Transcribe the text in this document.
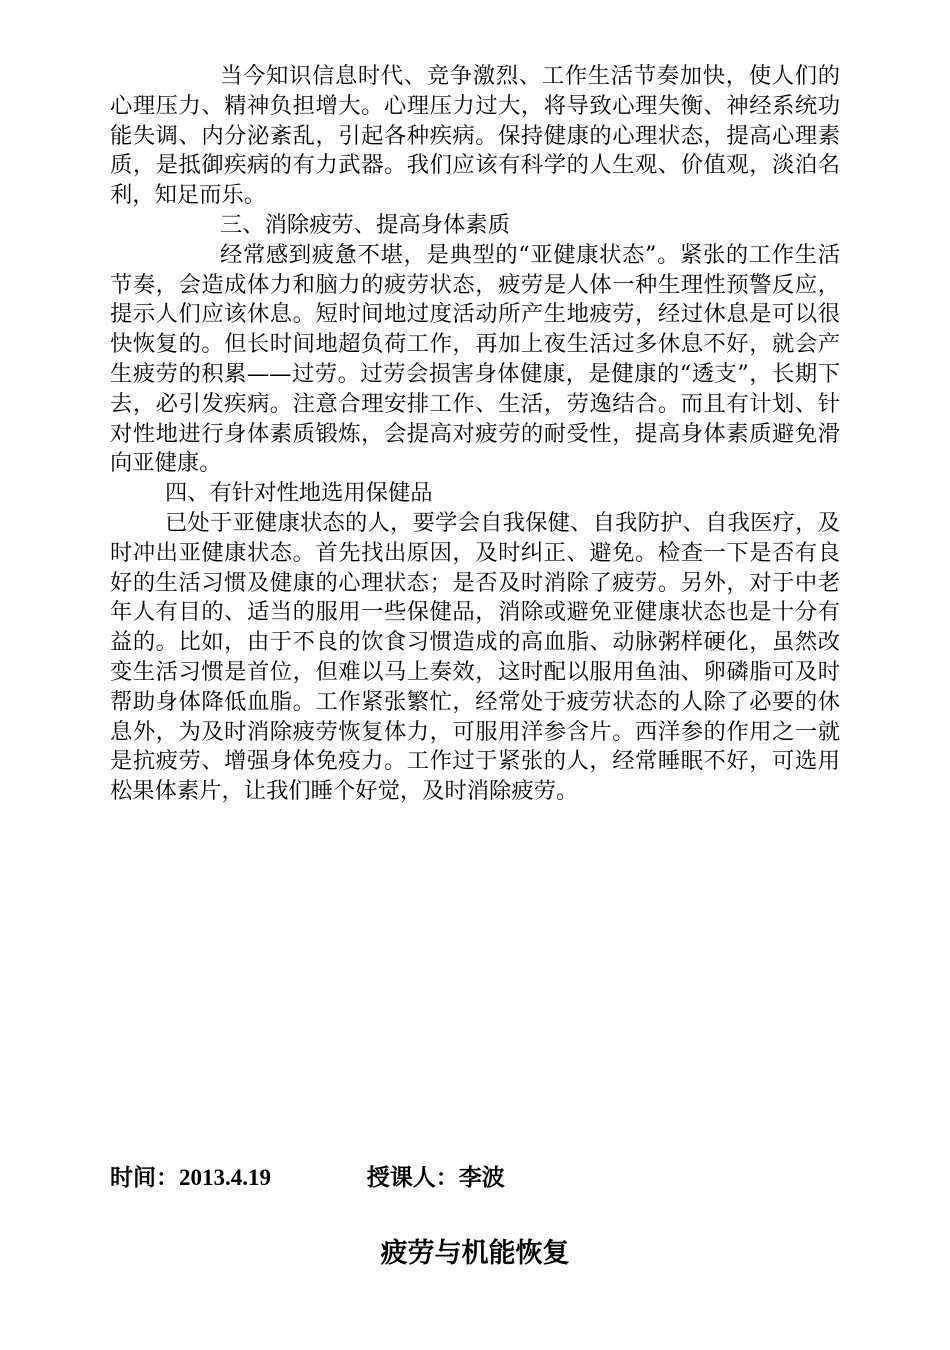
当今知识信息时代、竞争激烈、工作生活节奏加快，使人们的心理压力、精神负担增大。心理压力过大，将导致心理失衡、神经系统功能失调、内分泌紊乱，引起各种疾病。保持健康的心理状态，提高心理素质，是抵御疾病的有力武器。我们应该有科学的人生观、价值观，淡泊名利，知足而乐。

三、消除疲劳、提高身体素质

经常感到疲惫不堪，是典型的“亚健康状态”。紧张的工作生活节奏，会造成体力和脑力的疲劳状态，疲劳是人体一种生理性预警反应，提示人们应该休息。短时间地过度活动所产生地疲劳，经过休息是可以很快恢复的。但长时间地超负荷工作，再加上夜生活过多休息不好，就会产生疲劳的积累——过劳。过劳会损害身体健康，是健康的“透支”，长期下去，必引发疾病。注意合理安排工作、生活，劳逸结合。而且有计划、针对性地进行身体素质锻炼，会提高对疲劳的耐受性，提高身体素质避免滑向亚健康。

四、有针对性地选用保健品

已处于亚健康状态的人，要学会自我保健、自我防护、自我医疗，及时冲出亚健康状态。首先找出原因，及时纠正、避免。检查一下是否有良好的生活习惯及健康的心理状态；是否及时消除了疲劳。另外，对于中老年人有目的、适当的服用一些保健品，消除或避免亚健康状态也是十分有益的。比如，由于不良的饮食习惯造成的高血脂、动脉粥样硬化，虽然改变生活习惯是首位，但难以马上奏效，这时配以服用鱼油、卵磷脂可及时帮助身体降低血脂。工作紧张繁忙，经常处于疲劳状态的人除了必要的休息外，为及时消除疲劳恢复体力，可服用洋参含片。西洋参的作用之一就是抗疲劳、增强身体免疫力。工作过于紧张的人，经常睡眠不好，可选用松果体素片，让我们睡个好觉，及时消除疲劳。

时间：2013.4.19	授课人：李波
疲劳与机能恢复
